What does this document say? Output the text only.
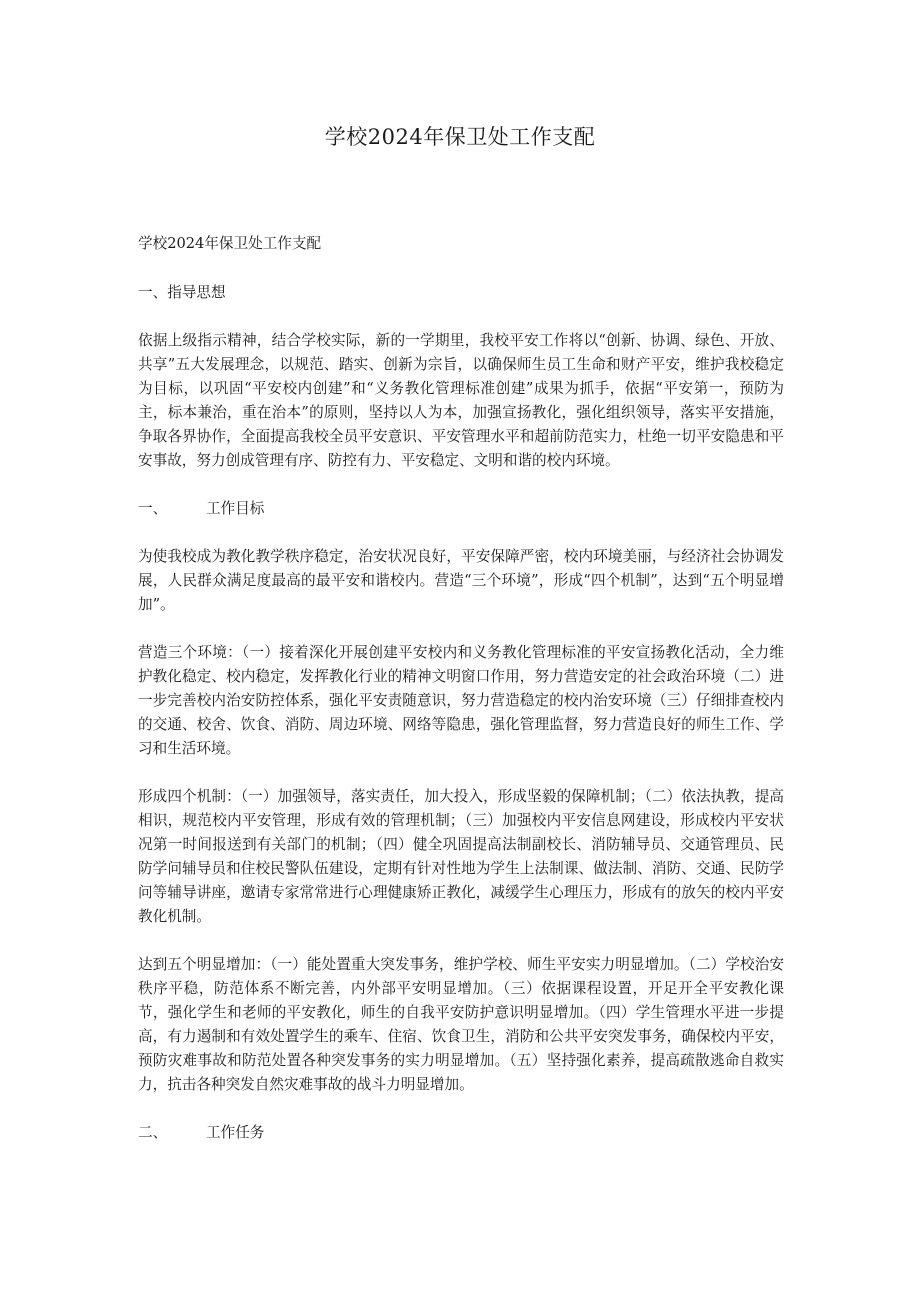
学校2024年保卫处工作支配

学校2024年保卫处工作支配

一、指导思想

依据上级指示精神，结合学校实际，新的一学期里，我校平安工作将以“创新、协调、绿色、开放、共享”五大发展理念，以规范、踏实、创新为宗旨，以确保师生员工生命和财产平安，维护我校稳定为目标，以巩固“平安校内创建”和“义务教化管理标准创建”成果为抓手，依据“平安第一，预防为主，标本兼治，重在治本”的原则，坚持以人为本，加强宣扬教化，强化组织领导，落实平安措施，争取各界协作，全面提高我校全员平安意识、平安管理水平和超前防范实力，杜绝一切平安隐患和平安事故，努力创成管理有序、防控有力、平安稳定、文明和谐的校内环境。

一、	工作目标

为使我校成为教化教学秩序稳定，治安状况良好，平安保障严密，校内环境美丽，与经济社会协调发展，人民群众满足度最高的最平安和谐校内。营造“三个环境”，形成“四个机制”，达到“五个明显增加”。

营造三个环境：（一）接着深化开展创建平安校内和义务教化管理标准的平安宣扬教化活动，全力维护教化稳定、校内稳定，发挥教化行业的精神文明窗口作用，努力营造安定的社会政治环境（二）进一步完善校内治安防控体系，强化平安责随意识，努力营造稳定的校内治安环境（三）仔细排查校内的交通、校舍、饮食、消防、周边环境、网络等隐患，强化管理监督，努力营造良好的师生工作、学习和生活环境。

形成四个机制：（一）加强领导，落实责任，加大投入，形成坚毅的保障机制；（二）依法执教，提高相识，规范校内平安管理，形成有效的管理机制；（三）加强校内平安信息网建设，形成校内平安状况第一时间报送到有关部门的机制；（四）健全巩固提高法制副校长、消防辅导员、交通管理员、民防学问辅导员和住校民警队伍建设，定期有针对性地为学生上法制课、做法制、消防、交通、民防学问等辅导讲座，邀请专家常常进行心理健康矫正教化，减缓学生心理压力，形成有的放矢的校内平安教化机制。

达到五个明显增加：（一）能处置重大突发事务，维护学校、师生平安实力明显增加。（二）学校治安秩序平稳，防范体系不断完善，内外部平安明显增加。（三）依据课程设置，开足开全平安教化课节，强化学生和老师的平安教化，师生的自我平安防护意识明显增加。（四）学生管理水平进一步提高，有力遏制和有效处置学生的乘车、住宿、饮食卫生，消防和公共平安突发事务，确保校内平安，预防灾难事故和防范处置各种突发事务的实力明显增加。（五）坚持强化素养，提高疏散逃命自救实力，抗击各种突发自然灾难事故的战斗力明显增加。

二、	工作任务
